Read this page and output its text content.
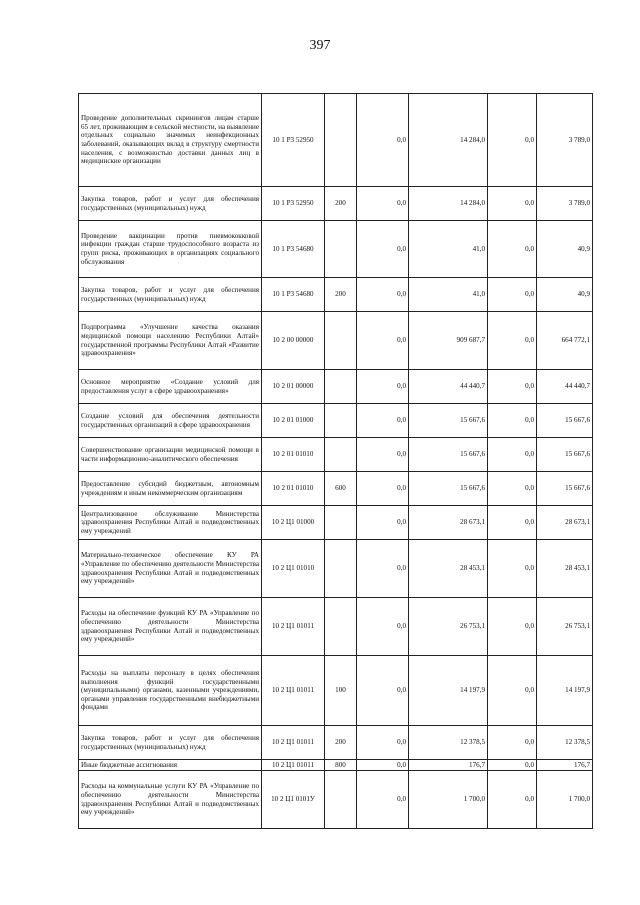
397
Проведение дополнительных скринингов лицам старше 65 лет, проживающим в сельской местности, на выявление отдельных социально значимых неинфекционных заболеваний, оказывающих вклад в структуру смертности населения, с возможностью доставки данных лиц в медицинские организации	10 1 P3 52950		0,0	14 284,0	0,0	3 789,0
Закупка товаров, работ и услуг для обеспечения государственных (муниципальных) нужд	10 1 P3 52950	200	0,0	14 284,0	0,0	3 789,0
Проведение вакцинации против пневмококковой инфекции граждан старше трудоспособного возраста из групп риска, проживающих в организациях социального обслуживания	10 1 P3 54680		0,0	41,0	0,0	40,9
Закупка товаров, работ и услуг для обеспечения государственных (муниципальных) нужд	10 1 P3 54680	200	0,0	41,0	0,0	40,9
Подпрограмма «Улучшение качества оказания медицинской помощи населению Республики Алтай» государственной программы Республики Алтай «Развитие здравоохранения»	10 2 00 00000		0,0	909 687,7	0,0	664 772,1
Основное мероприятие «Создание условий для предоставления услуг в сфере здравоохранения»	10 2 01 00000		0,0	44 440,7	0,0	44 440,7
Создание условий для обеспечения деятельности государственных организаций в сфере здравоохранения	10 2 01 01000		0,0	15 667,6	0,0	15 667,6
Совершенствование организации медицинской помощи в части информационно-аналитического обеспечения	10 2 01 01010		0,0	15 667,6	0,0	15 667,6
Предоставление субсидий бюджетным, автономным учреждениям и иным некоммерческим организациям	10 2 01 01010	600	0,0	15 667,6	0,0	15 667,6
Централизованное обслуживание Министерства здравоохранения Республики Алтай и подведомственных ему учреждений	10 2 Ц1 01000		0,0	28 673,1	0,0	28 673,1
Материально-техническое обеспечение КУ РА «Управление по обеспечению деятельности Министерства здравоохранения Республики Алтай и подведомственных ему учреждений»	10 2 Ц1 01010		0,0	28 453,1	0,0	28 453,1
Расходы на обеспечение функций КУ РА «Управление по обеспечению деятельности Министерства здравоохранения Республики Алтай и подведомственных ему учреждений»	10 2 Ц1 01011		0,0	26 753,1	0,0	26 753,1
Расходы на выплаты персоналу в целях обеспечения выполнения функций государственными (муниципальными) органами, казенными учреждениями, органами управления государственными внебюджетными фондами	10 2 Ц1 01011	100	0,0	14 197,9	0,0	14 197,9
Закупка товаров, работ и услуг для обеспечения государственных (муниципальных) нужд	10 2 Ц1 01011	200	0,0	12 378,5	0,0	12 378,5
Иные бюджетные ассигнования	10 2 Ц1 01011	800	0,0	176,7	0,0	176,7
Расходы на коммунальные услуги КУ РА «Управление по обеспечению деятельности Министерства здравоохранения Республики Алтай и подведомственных ему учреждений»	10 2 Ц1 0101У		0,0	1 700,0	0,0	1 700,0
